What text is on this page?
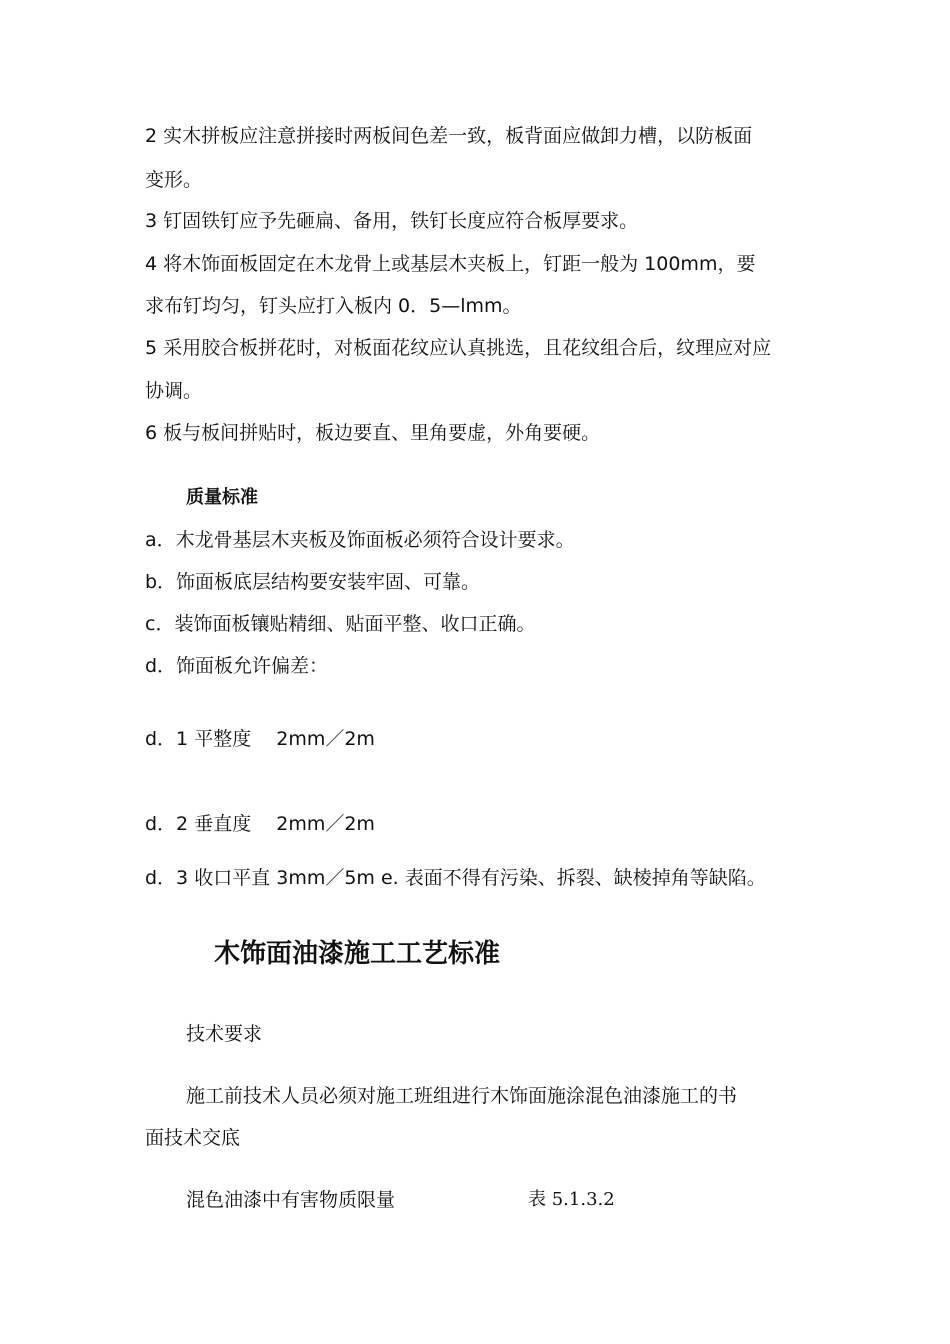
2 实木拼板应注意拼接时两板间色差一致，板背面应做卸力槽，以防板面
变形。
3 钉固铁钉应予先砸扁、备用，铁钉长度应符合板厚要求。
4 将木饰面板固定在木龙骨上或基层木夹板上，钉距一般为 100mm，要
求布钉均匀，钉头应打入板内 0．5—lmm。
5 采用胶合板拼花时，对板面花纹应认真挑选，且花纹组合后，纹理应对应
协调。
6 板与板间拼贴时，板边要直、里角要虚，外角要硬。
质量标准
a．木龙骨基层木夹板及饰面板必须符合设计要求。
b．饰面板底层结构要安装牢固、可靠。
c．装饰面板镶贴精细、贴面平整、收口正确。
d．饰面板允许偏差：
d．1 平整度　 2mm／2m
d．2 垂直度　 2mm／2m
d．3 收口平直 3mm／5m e. 表面不得有污染、拆裂、缺棱掉角等缺陷。
木饰面油漆施工工艺标准
技术要求
施工前技术人员必须对施工班组进行木饰面施涂混色油漆施工的书
面技术交底
混色油漆中有害物质限量	表 5.1.3.2
